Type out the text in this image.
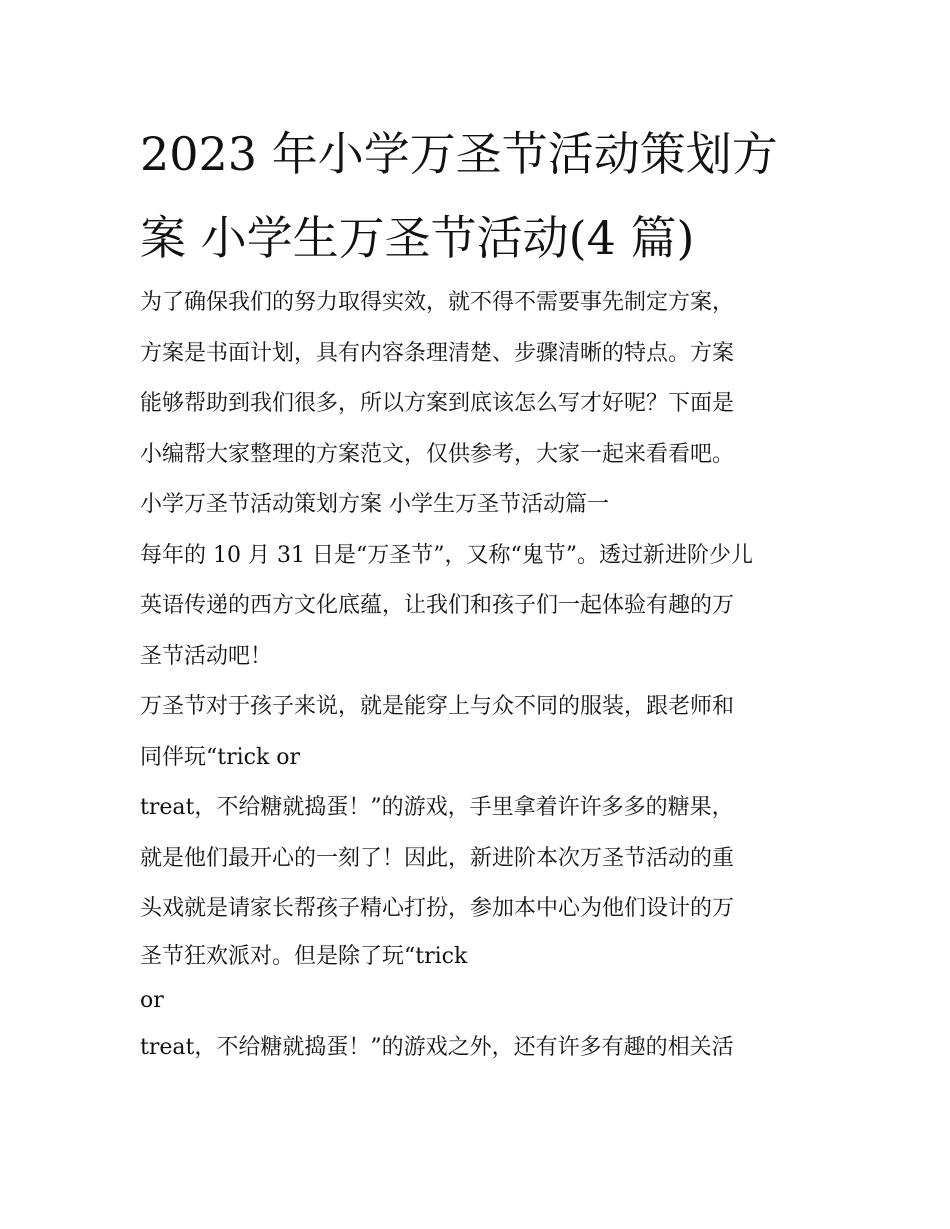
2023 年小学万圣节活动策划方
案 小学生万圣节活动(4 篇)

为了确保我们的努力取得实效，就不得不需要事先制定方案，

方案是书面计划，具有内容条理清楚、步骤清晰的特点。方案

能够帮助到我们很多，所以方案到底该怎么写才好呢？下面是

小编帮大家整理的方案范文，仅供参考，大家一起来看看吧。

小学万圣节活动策划方案 小学生万圣节活动篇一

每年的 10 月 31 日是“万圣节”，又称“鬼节”。透过新进阶少儿

英语传递的西方文化底蕴，让我们和孩子们一起体验有趣的万

圣节活动吧！

万圣节对于孩子来说，就是能穿上与众不同的服装，跟老师和

同伴玩“trick or

treat，不给糖就捣蛋！”的游戏，手里拿着许许多多的糖果，

就是他们最开心的一刻了！因此，新进阶本次万圣节活动的重

头戏就是请家长帮孩子精心打扮，参加本中心为他们设计的万

圣节狂欢派对。但是除了玩“trick

or

treat，不给糖就捣蛋！”的游戏之外，还有许多有趣的相关活
